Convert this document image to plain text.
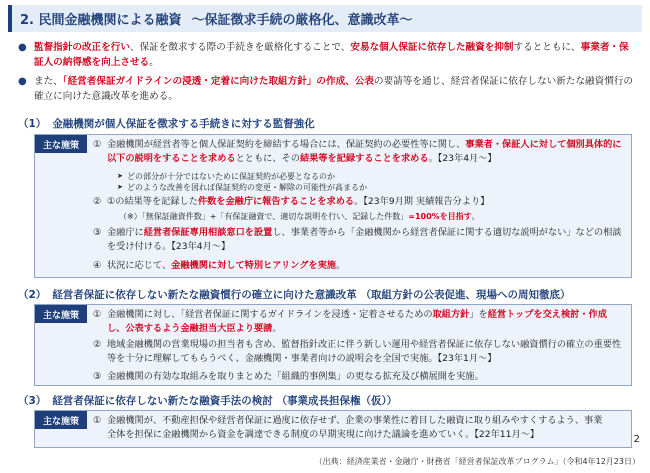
2. 民間金融機関による融資 ～保証徴求手続の厳格化、意識改革～
● 監督指針の改正を行い、保証を徴求する際の手続きを厳格化することで、安易な個人保証に依存した融資を抑制するとともに、事業者・保証人の納得感を向上させる。
● また、「経営者保証ガイドラインの浸透・定着に向けた取組方針」の作成、公表の要請等を通じ、経営者保証に依存しない新たな融資慣行の確立に向けた意識改革を進める。
（1） 金融機関が個人保証を徴求する手続きに対する監督強化
主な施策	① 金融機関が経営者等と個人保証契約を締結する場合には、保証契約の必要性等に関し、事業者・保証人に対して個別具体的に以下の説明をすることを求めるとともに、その結果等を記録することを求める。【23年4月～】
➤ どの部分が十分ではないために保証契約が必要となるのか
➤ どのような改善を図れば保証契約の変更・解除の可能性が高まるか
② ①の結果等を記録した件数を金融庁に報告することを求める。【23年9月期 実績報告分より】
（※）「無保証融資件数」+「有保証融資で、適切な説明を行い、記録した件数」=100%を目指す。
③ 金融庁に経営者保証専用相談窓口を設置し、事業者等から「金融機関から経営者保証に関する適切な説明がない」などの相談を受け付ける。【23年4月～】
④ 状況に応じて、金融機関に対して特別ヒアリングを実施。
（2） 経営者保証に依存しない新たな融資慣行の確立に向けた意識改革 （取組方針の公表促進、現場への周知徹底）
主な施策	① 金融機関に対し、「経営者保証に関するガイドラインを浸透・定着させるための取組方針」を経営トップを交え検討・作成し、公表するよう金融担当大臣より要請。
② 地域金融機関の営業現場の担当者も含め、監督指針改正に伴う新しい運用や経営者保証に依存しない融資慣行の確立の重要性等を十分に理解してもらうべく、金融機関・事業者向けの説明会を全国で実施。【23年1月～】
③ 金融機関の有効な取組みを取りまとめた「組織的事例集」の更なる拡充及び横展開を実施。
（3） 経営者保証に依存しない新たな融資手法の検討 （事業成長担保権（仮））
主な施策	① 金融機関が、不動産担保や経営者保証に過度に依存せず、企業の事業性に着目した融資に取り組みやすくするよう、事業全体を担保に金融機関から資金を調達できる制度の早期実現に向けた議論を進めていく。【22年11月～】	2
（出典：経済産業省・金融庁・財務省「経営者保証改革プログラム」（令和4年12月23日）
